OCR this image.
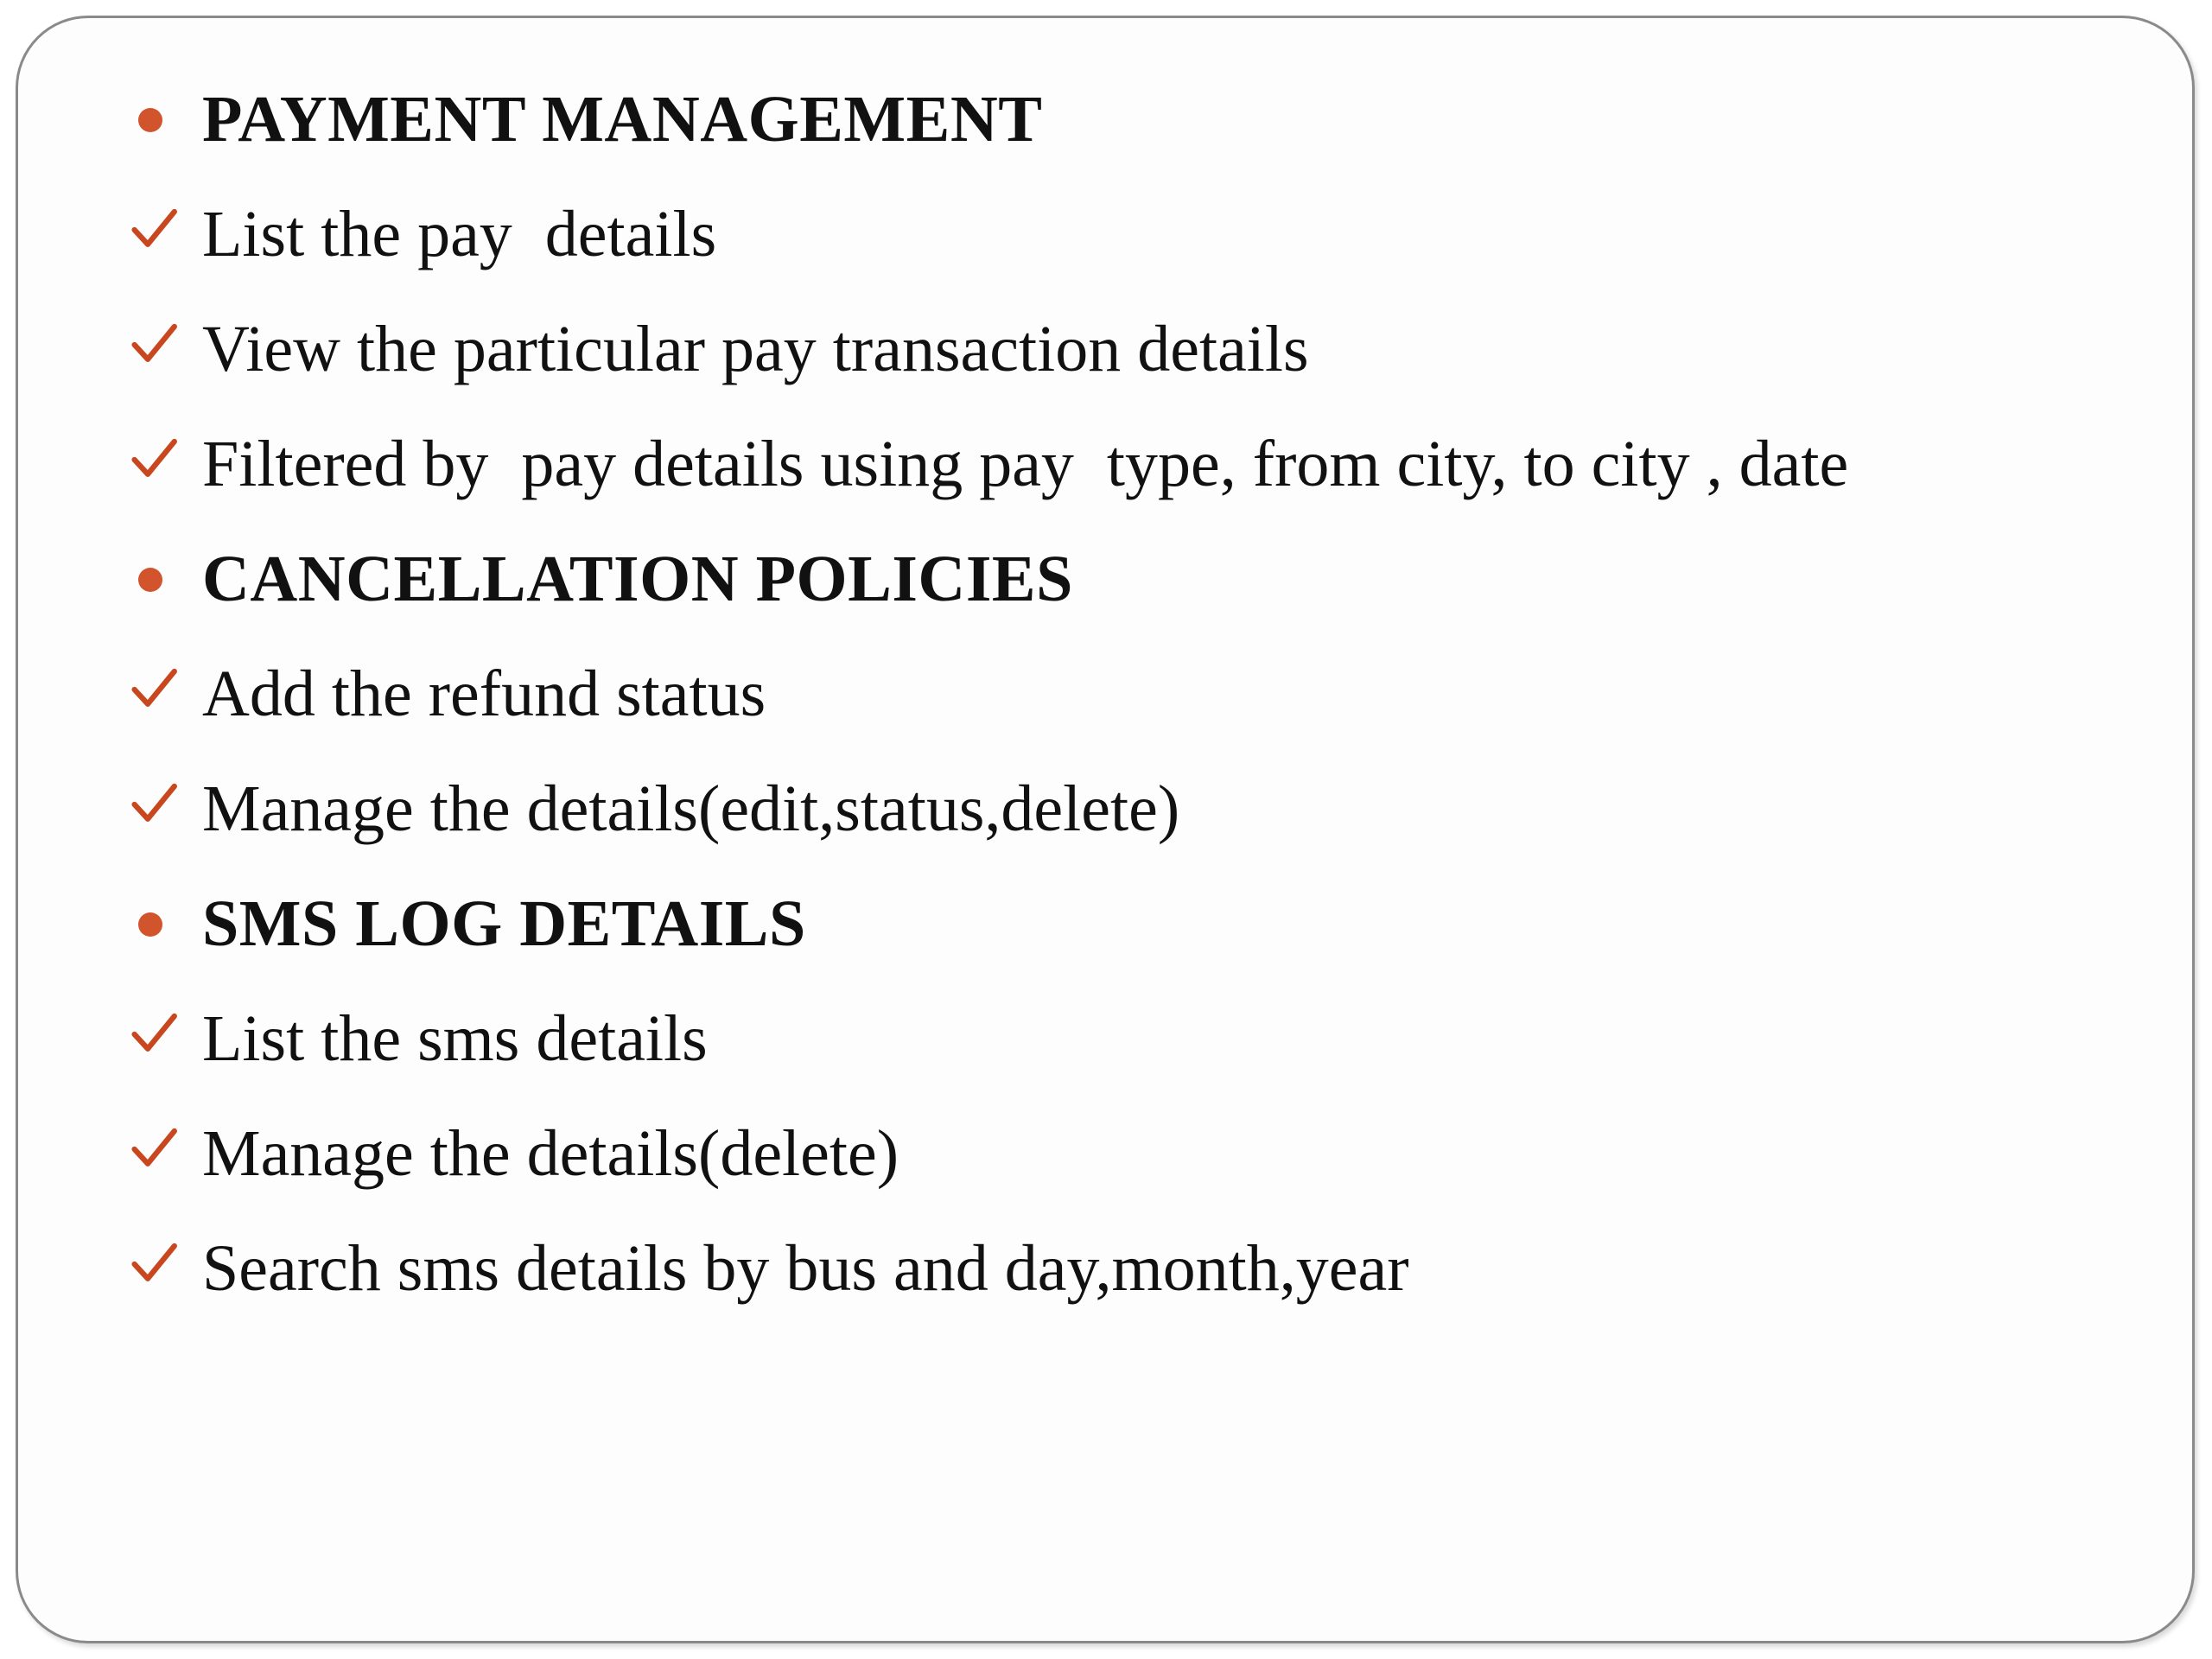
PAYMENT MANAGEMENT
List the pay  details
View the particular pay transaction details
Filtered by  pay details using pay  type, from city, to city , date
CANCELLATION POLICIES
Add the refund status
Manage the details(edit,status,delete)
SMS LOG DETAILS
List the sms details
Manage the details(delete)
Search sms details by bus and day,month,year
